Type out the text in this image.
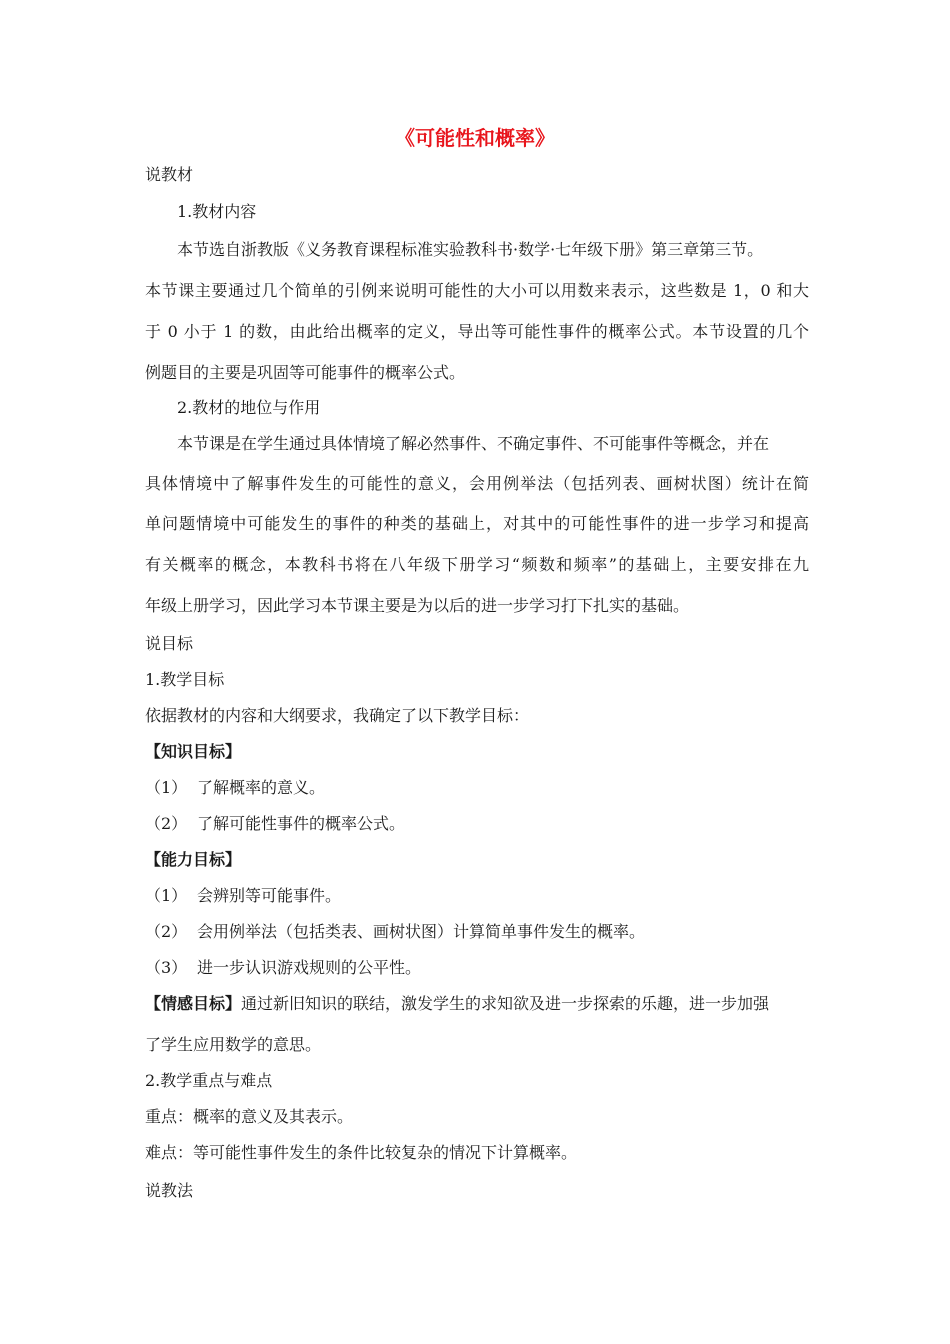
《可能性和概率》
说教材
1.教材内容
本节选自浙教版《义务教育课程标准实验教科书·数学·七年级下册》第三章第三节。
本节课主要通过几个简单的引例来说明可能性的大小可以用数来表示，这些数是 1，0 和大
于 0 小于 1 的数，由此给出概率的定义，导出等可能性事件的概率公式。本节设置的几个
例题目的主要是巩固等可能事件的概率公式。
2.教材的地位与作用
本节课是在学生通过具体情境了解必然事件、不确定事件、不可能事件等概念，并在
具体情境中了解事件发生的可能性的意义，会用例举法（包括列表、画树状图）统计在简
单问题情境中可能发生的事件的种类的基础上，对其中的可能性事件的进一步学习和提高
有关概率的概念，本教科书将在八年级下册学习“频数和频率”的基础上，主要安排在九
年级上册学习，因此学习本节课主要是为以后的进一步学习打下扎实的基础。
说目标
1.教学目标
依据教材的内容和大纲要求，我确定了以下教学目标：
【知识目标】
（1） 了解概率的意义。
（2） 了解可能性事件的概率公式。
【能力目标】
（1） 会辨别等可能事件。
（2） 会用例举法（包括类表、画树状图）计算简单事件发生的概率。
（3） 进一步认识游戏规则的公平性。
【情感目标】通过新旧知识的联结，激发学生的求知欲及进一步探索的乐趣，进一步加强
了学生应用数学的意思。
2.教学重点与难点
重点：概率的意义及其表示。
难点：等可能性事件发生的条件比较复杂的情况下计算概率。
说教法
